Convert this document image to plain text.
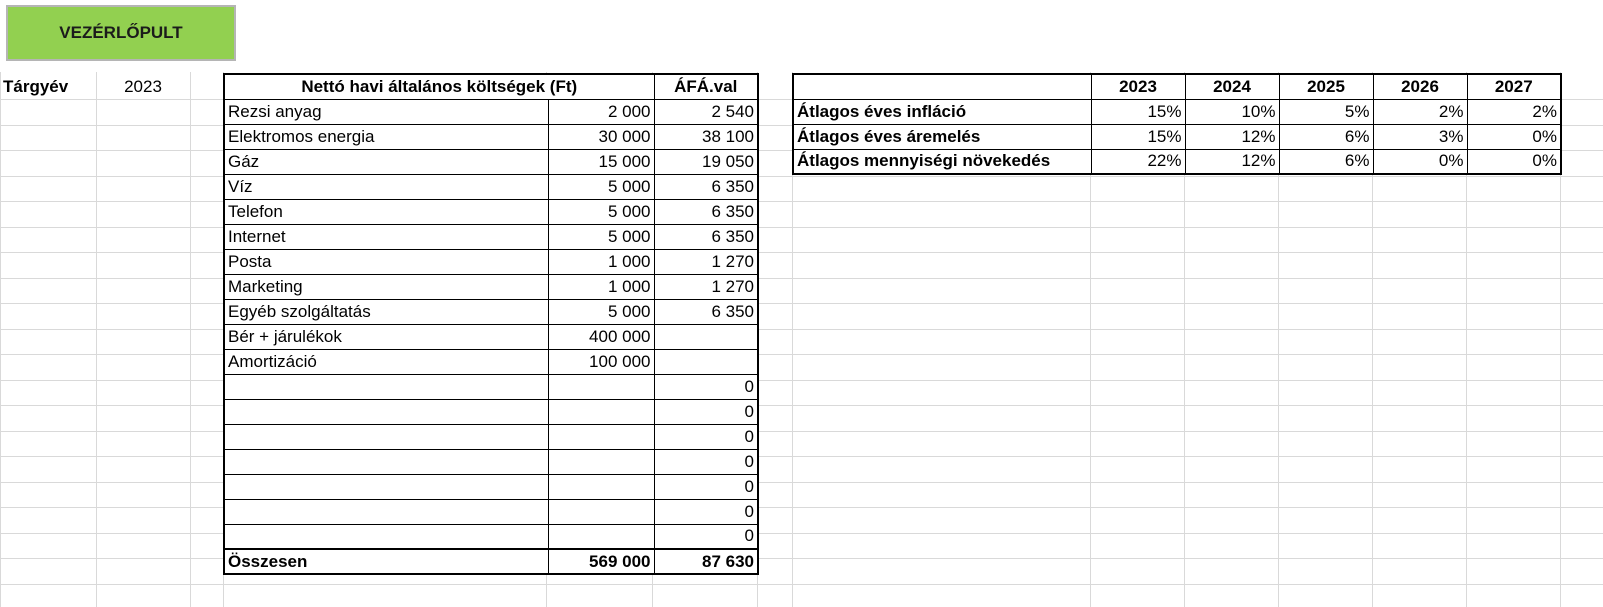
VEZÉRLŐPULT
Tárgyév	2023	Nettó havi általános költségek (Ft)		ÁFÁ.val
Rezsi anyag	2 000	2 540
Elektromos energia	30 000	38 100
Gáz	15 000	19 050
Víz	5 000	6 350
Telefon	5 000	6 350
Internet	5 000	6 350
Posta	1 000	1 270
Marketing	1 000	1 270
Egyéb szolgáltatás	5 000	6 350
Bér + járulékok	400 000	
Amortizáció	100 000	
		0
		0
		0
		0
		0
		0
		0
Összesen	569 000	87 630
	2023	2024	2025	2026	2027
Átlagos éves infláció	15%	10%	5%	2%	2%
Átlagos éves áremelés	15%	12%	6%	3%	0%
Átlagos mennyiségi növekedés	22%	12%	6%	0%	0%
